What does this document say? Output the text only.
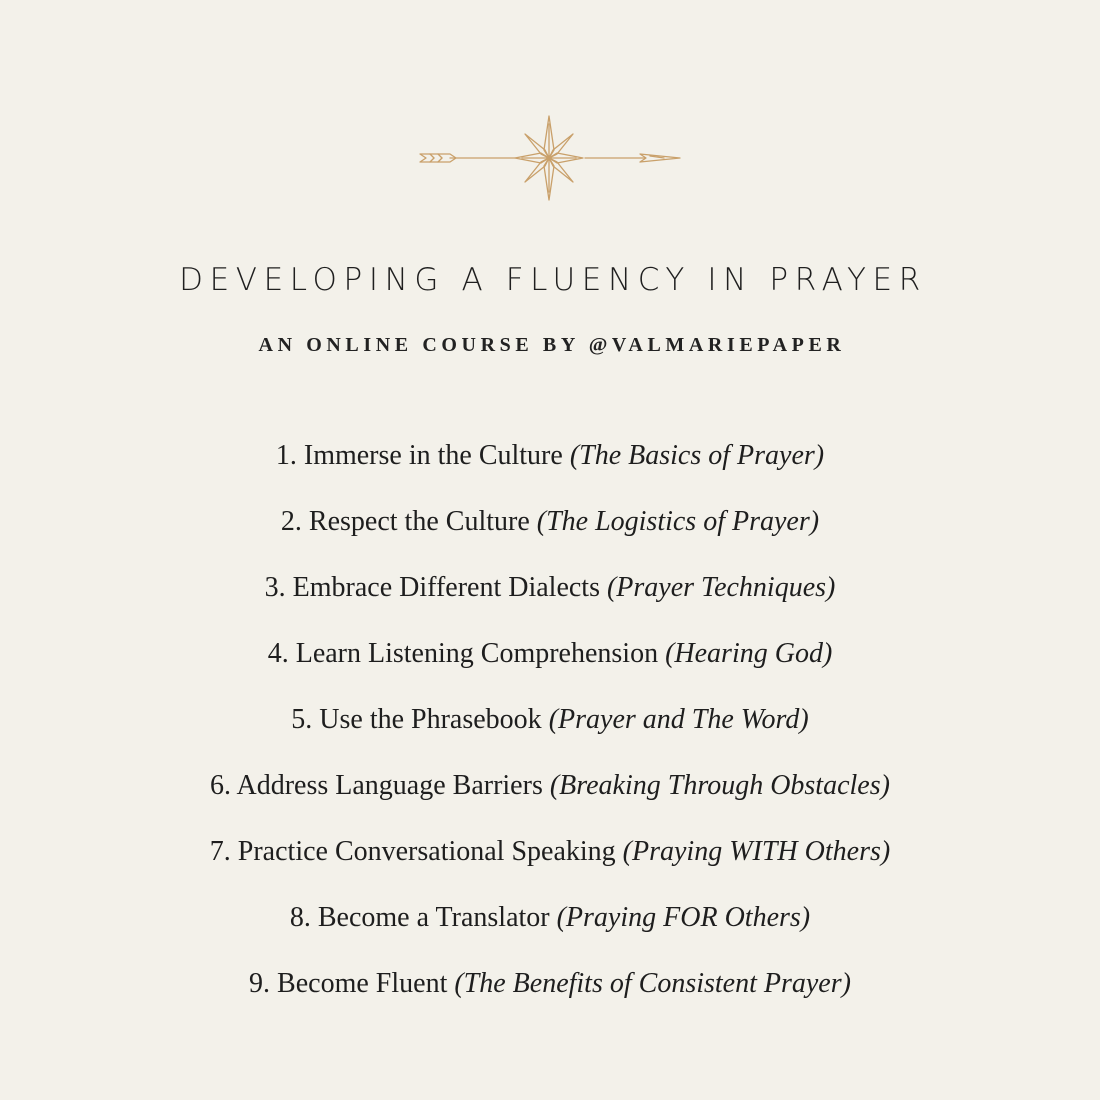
DEVELOPING A FLUENCY IN PRAYER
AN ONLINE COURSE BY @VALMARIEPAPER
1. Immerse in the Culture (The Basics of Prayer)
2. Respect the Culture (The Logistics of Prayer)
3. Embrace Different Dialects (Prayer Techniques)
4. Learn Listening Comprehension (Hearing God)
5. Use the Phrasebook (Prayer and The Word)
6. Address Language Barriers (Breaking Through Obstacles)
7. Practice Conversational Speaking (Praying WITH Others)
8. Become a Translator (Praying FOR Others)
9. Become Fluent (The Benefits of Consistent Prayer)
